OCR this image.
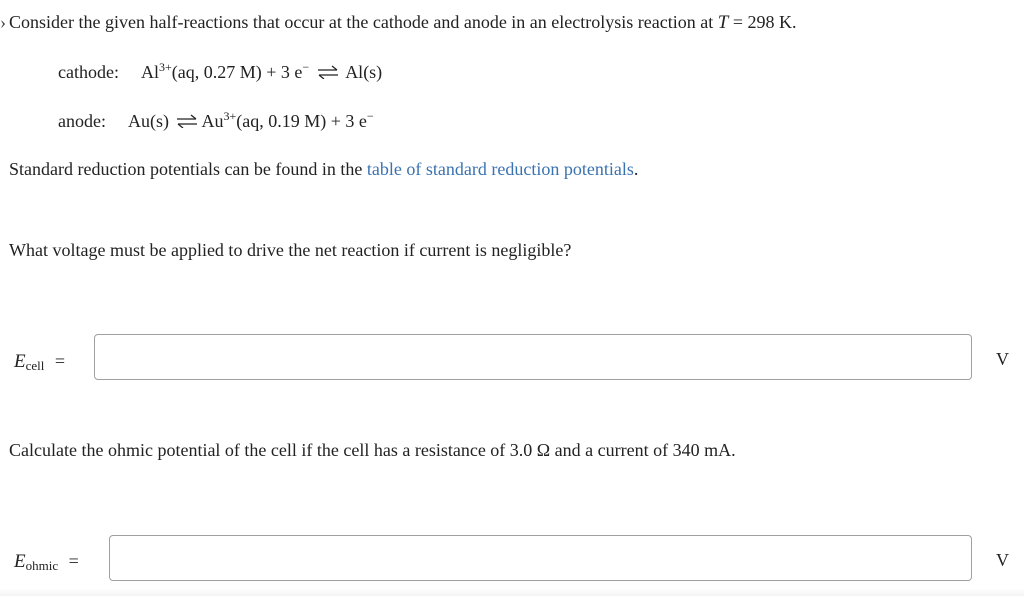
› Consider the given half-reactions that occur at the cathode and anode in an electrolysis reaction at T = 298 K.
cathode: $Al^{3+}(aq$, 0.27 M) + 3 e− ⇌ Al(s)
anode: Au(s) ⇌ $Au^{3+}(aq$, 0.19 M) + 3 e−
Standard reduction potentials can be found in the table of standard reduction potentials.
What voltage must be applied to drive the net reaction if current is negligible?
$E_{cell}$ =	V
Calculate the ohmic potential of the cell if the cell has a resistance of 3.0 Ω and a current of 340 mA.
$E_{ohmic}$ =	V
